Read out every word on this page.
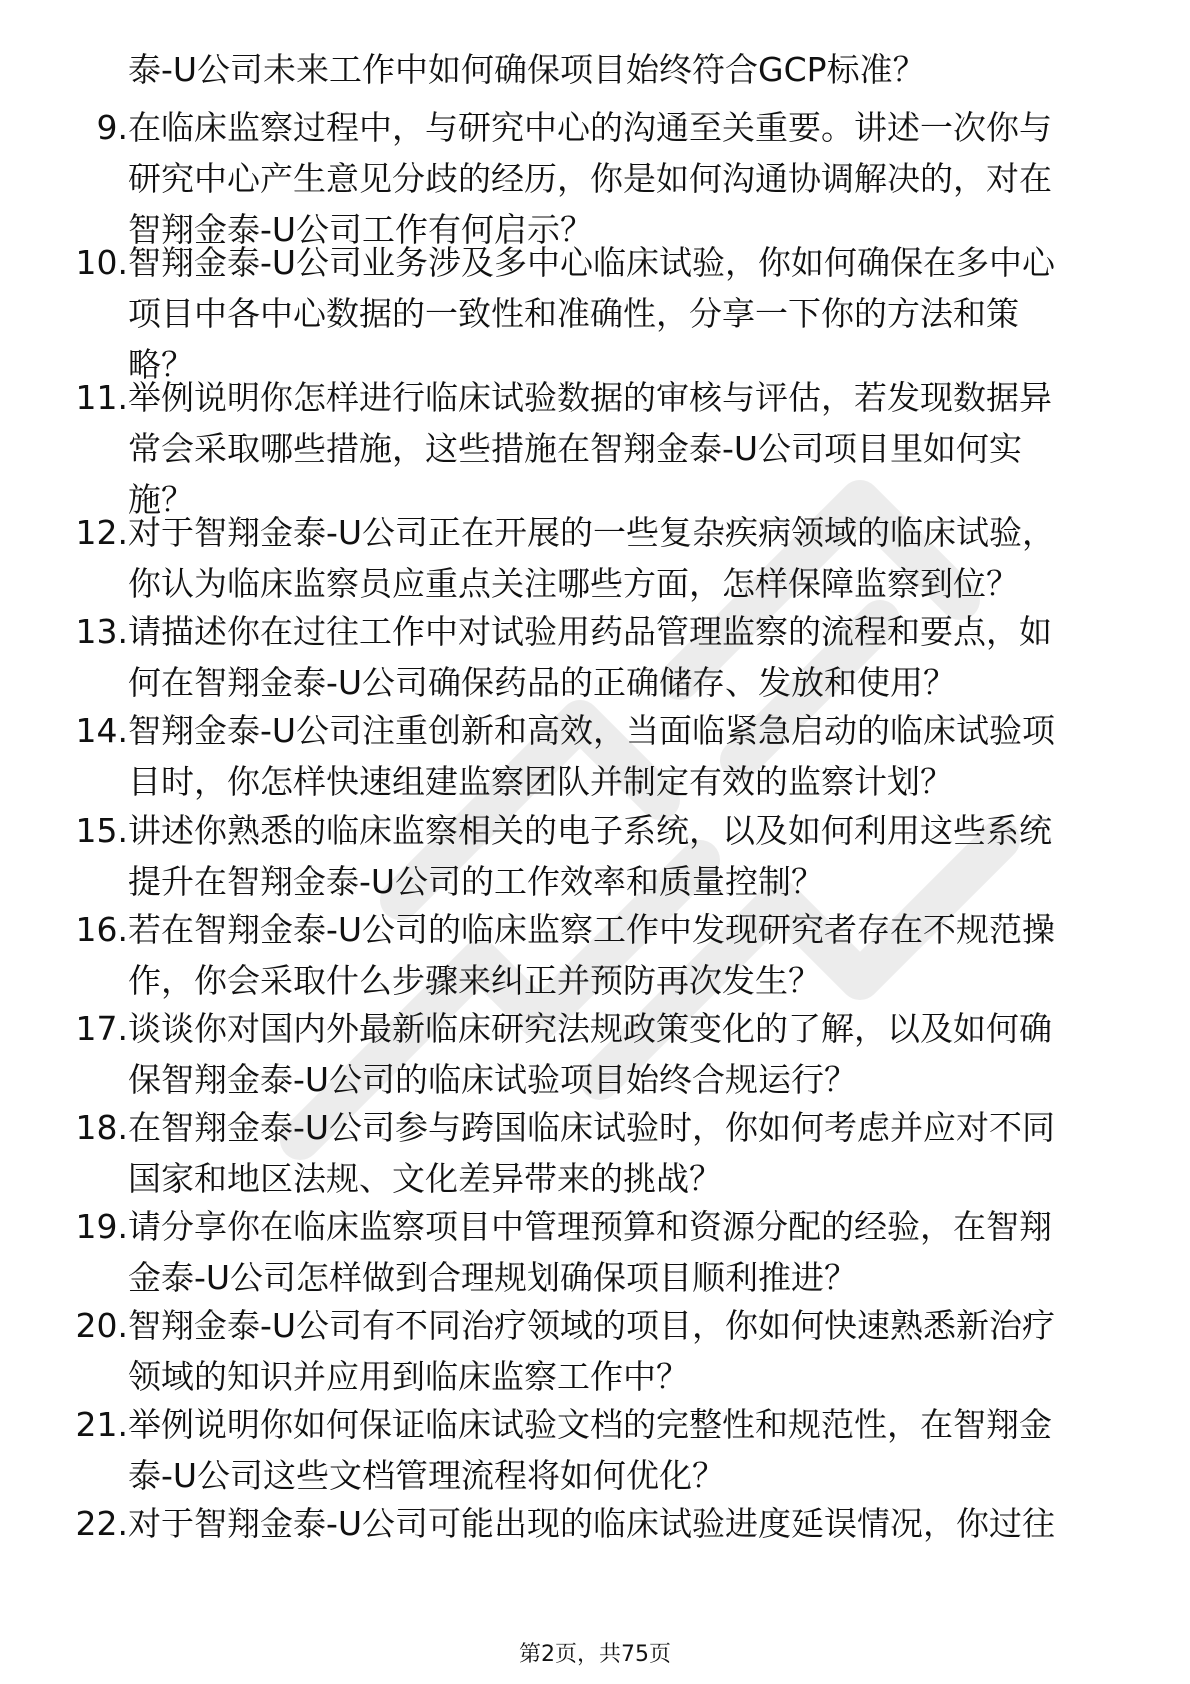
泰-U公司未来工作中如何确保项目始终符合GCP标准？
9. 在临床监察过程中，与研究中心的沟通至关重要。讲述一次你与
研究中心产生意见分歧的经历，你是如何沟通协调解决的，对在
智翔金泰-U公司工作有何启示？
10. 智翔金泰-U公司业务涉及多中心临床试验，你如何确保在多中心
项目中各中心数据的一致性和准确性，分享一下你的方法和策
略？
11. 举例说明你怎样进行临床试验数据的审核与评估，若发现数据异
常会采取哪些措施，这些措施在智翔金泰-U公司项目里如何实
施？
12. 对于智翔金泰-U公司正在开展的一些复杂疾病领域的临床试验，
你认为临床监察员应重点关注哪些方面，怎样保障监察到位？
13. 请描述你在过往工作中对试验用药品管理监察的流程和要点，如
何在智翔金泰-U公司确保药品的正确储存、发放和使用？
14. 智翔金泰-U公司注重创新和高效，当面临紧急启动的临床试验项
目时，你怎样快速组建监察团队并制定有效的监察计划？
15. 讲述你熟悉的临床监察相关的电子系统，以及如何利用这些系统
提升在智翔金泰-U公司的工作效率和质量控制？
16. 若在智翔金泰-U公司的临床监察工作中发现研究者存在不规范操
作，你会采取什么步骤来纠正并预防再次发生？
17. 谈谈你对国内外最新临床研究法规政策变化的了解，以及如何确
保智翔金泰-U公司的临床试验项目始终合规运行？
18. 在智翔金泰-U公司参与跨国临床试验时，你如何考虑并应对不同
国家和地区法规、文化差异带来的挑战？
19. 请分享你在临床监察项目中管理预算和资源分配的经验，在智翔
金泰-U公司怎样做到合理规划确保项目顺利推进？
20. 智翔金泰-U公司有不同治疗领域的项目，你如何快速熟悉新治疗
领域的知识并应用到临床监察工作中？
21. 举例说明你如何保证临床试验文档的完整性和规范性，在智翔金
泰-U公司这些文档管理流程将如何优化？
22. 对于智翔金泰-U公司可能出现的临床试验进度延误情况，你过往
第2页，共75页
